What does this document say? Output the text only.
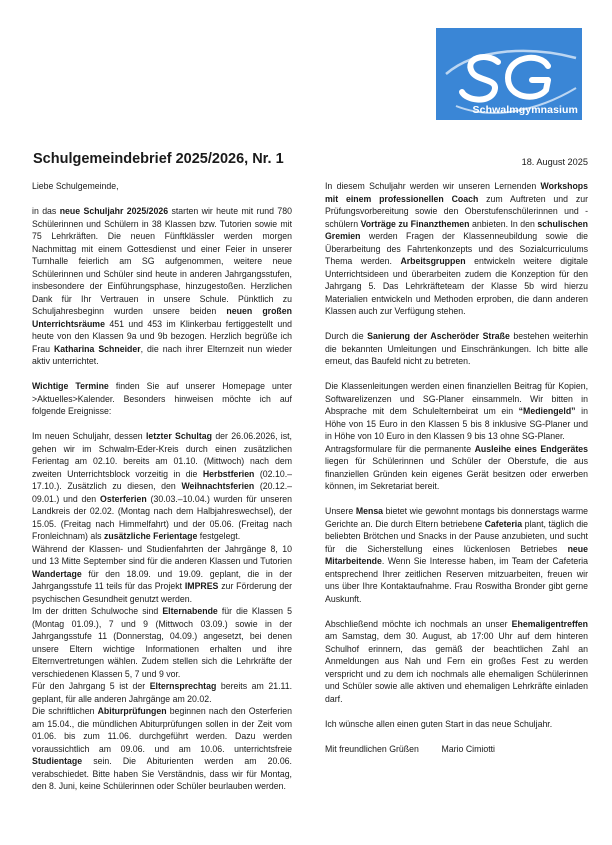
Schwalmgymnasium
Schulgemeindebrief 2025/2026, Nr. 1	18. August 2025

Liebe Schulgemeinde,

in das neue Schuljahr 2025/2026 starten wir heute mit rund 780 Schülerinnen und Schülern in 38 Klassen bzw. Tutorien sowie mit 75 Lehrkräften. Die neuen Fünftklässler werden morgen Nachmittag mit einem Gottesdienst und einer Feier in unserer Turnhalle feierlich am SG aufgenommen, weitere neue Schülerinnen und Schüler sind heute in anderen Jahrgangsstufen, insbesondere der Einführungsphase, hinzugestoßen. Herzlichen Dank für Ihr Vertrauen in unsere Schule. Pünktlich zu Schuljahresbeginn wurden unsere beiden neuen großen Unterrichtsräume 451 und 453 im Klinkerbau fertiggestellt und heute von den Klassen 9a und 9b bezogen. Herzlich begrüße ich Frau Katharina Schneider, die nach ihrer Elternzeit nun wieder aktiv unterrichtet.

Wichtige Termine finden Sie auf unserer Homepage unter >Aktuelles>Kalender. Besonders hinweisen möchte ich auf folgende Ereignisse:

Im neuen Schuljahr, dessen letzter Schultag der 26.06.2026, ist, gehen wir im Schwalm-Eder-Kreis durch einen zusätzlichen Ferientag am 02.10. bereits am 01.10. (Mittwoch) nach dem zweiten Unterrichtsblock vorzeitig in die Herbstferien (02.10.–17.10.). Zusätzlich zu diesen, den Weihnachtsferien (20.12.–09.01.) und den Osterferien (30.03.–10.04.) wurden für unseren Landkreis der 02.02. (Montag nach dem Halbjahreswechsel), der 15.05. (Freitag nach Himmelfahrt) und der 05.06. (Freitag nach Fronleichnam) als zusätzliche Ferientage festgelegt.

Während der Klassen- und Studienfahrten der Jahrgänge 8, 10 und 13 Mitte September sind für die anderen Klassen und Tutorien Wandertage für den 18.09. und 19.09. geplant, die in der Jahrgangsstufe 11 teils für das Projekt IMPRES zur Förderung der psychischen Gesundheit genutzt werden.

Im der dritten Schulwoche sind Elternabende für die Klassen 5 (Montag 01.09.), 7 und 9 (Mittwoch 03.09.) sowie in der Jahrgangsstufe 11 (Donnerstag, 04.09.) angesetzt, bei denen unsere Eltern wichtige Informationen erhalten und ihre Elternvertretungen wählen. Zudem stellen sich die Lehrkräfte der verschiedenen Klassen 5, 7 und 9 vor.

Für den Jahrgang 5 ist der Elternsprechtag bereits am 21.11. geplant, für alle anderen Jahrgänge am 20.02.

Die schriftlichen Abiturprüfungen beginnen nach den Osterferien am 15.04., die mündlichen Abiturprüfungen sollen in der Zeit vom 01.06. bis zum 11.06. durchgeführt werden. Dazu werden voraussichtlich am 09.06. und am 10.06. unterrichtsfreie Studientage sein. Die Abiturienten werden am 20.06. verabschiedet. Bitte haben Sie Verständnis, dass wir für Montag, den 8. Juni, keine Schülerinnen oder Schüler beurlauben werden.

In diesem Schuljahr werden wir unseren Lernenden Workshops mit einem professionellen Coach zum Auftreten und zur Prüfungsvorbereitung sowie den Oberstufenschülerinnen und -schülern Vorträge zu Finanzthemen anbieten. In den schulischen Gremien werden Fragen der Klassenneubildung sowie die Überarbeitung des Fahrtenkonzepts und des Sozialcurriculums Thema werden. Arbeitsgruppen entwickeln weitere digitale Unterrichtsideen und überarbeiten zudem die Konzeption für den Jahrgang 5. Das Lehrkräfteteam der Klasse 5b wird hierzu Materialien entwickeln und Methoden erproben, die dann anderen Klassen auch zur Verfügung stehen.

Durch die Sanierung der Ascheröder Straße bestehen weiterhin die bekannten Umleitungen und Einschränkungen. Ich bitte alle erneut, das Baufeld nicht zu betreten.

Die Klassenleitungen werden einen finanziellen Beitrag für Kopien, Softwarelizenzen und SG-Planer einsammeln. Wir bitten in Absprache mit dem Schulelternbeirat um ein “Mediengeld” in Höhe von 15 Euro in den Klassen 5 bis 8 inklusive SG-Planer und in Höhe von 10 Euro in den Klassen 9 bis 13 ohne SG-Planer.

Antragsformulare für die permanente Ausleihe eines Endgerätes liegen für Schülerinnen und Schüler der Oberstufe, die aus finanziellen Gründen kein eigenes Gerät besitzen oder erwerben können, im Sekretariat bereit.

Unsere Mensa bietet wie gewohnt montags bis donnerstags warme Gerichte an. Die durch Eltern betriebene Cafeteria plant, täglich die beliebten Brötchen und Snacks in der Pause anzubieten, und sucht für die Sicherstellung eines lückenlosen Betriebes neue Mitarbeitende. Wenn Sie Interesse haben, im Team der Cafeteria entsprechend Ihrer zeitlichen Reserven mitzuarbeiten, freuen wir uns über Ihre Kontaktaufnahme. Frau Roswitha Bronder gibt gerne Auskunft.

Abschließend möchte ich nochmals an unser Ehemaligentreffen am Samstag, dem 30. August, ab 17:00 Uhr auf dem hinteren Schulhof erinnern, das gemäß der beachtlichen Zahl an Anmeldungen aus Nah und Fern ein großes Fest zu werden verspricht und zu dem ich nochmals alle ehemaligen Schülerinnen und Schüler sowie alle aktiven und ehemaligen Lehrkräfte einladen darf.

Ich wünsche allen einen guten Start in das neue Schuljahr.

Mit freundlichen Grüßen	Mario Cimiotti
